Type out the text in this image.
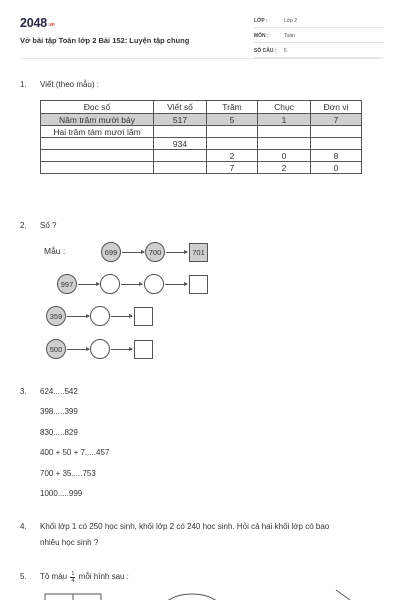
$2048^{.vn}$
Vở bài tập Toán lớp 2 Bài 152: Luyện tập chung
LỚP :	Lớp 2
MÔN :	Toán
SỐ CÂU : 5
1. Viết (theo mẫu) :
Đọc số	Viết số	Trăm	Chục	Đơn vị
Năm trăm mười bảy	517	5	1	7
Hai trăm tám mươi lăm				
	934			
		2	0	8
		7	2	0
2. Số ?
Mẫu :	699	700	701
997
359
500
3. 624.....542
398.....399
830.....829
400 + 50 + 7.....457
700 + 35.....753
1000.....999
4. Khối lớp 1 có 250 học sinh, khối lớp 2 có 240 học sinh. Hỏi cả hai khối lớp có bao
nhiêu học sinh ?
5. Tô màu $\frac{1}{4}$ mỗi hình sau :
